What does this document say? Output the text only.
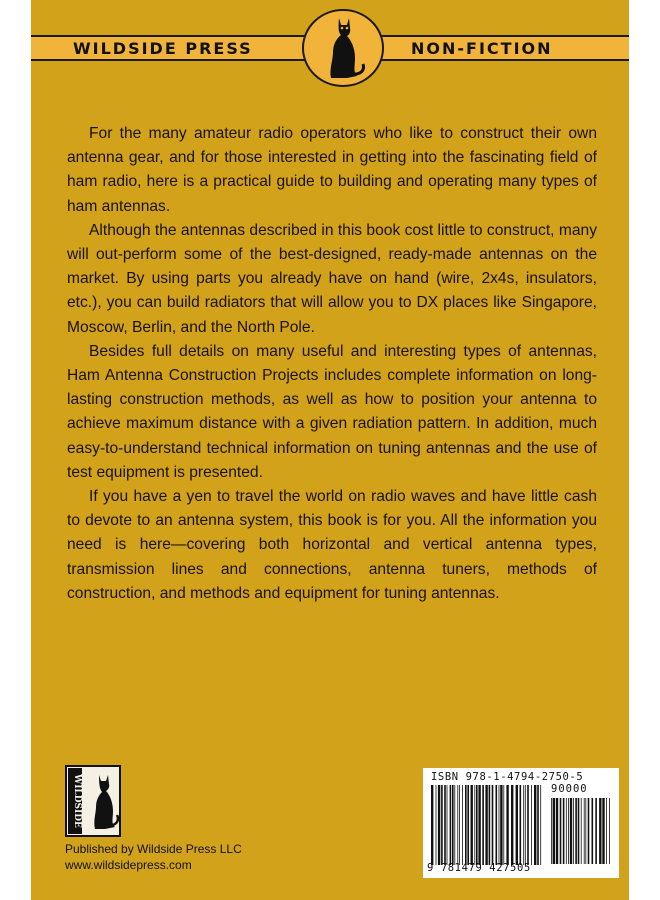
WILDSIDE PRESS	NON-FICTION

For the many amateur radio operators who like to construct their own antenna gear, and for those interested in getting into the fascinating field of ham radio, here is a practical guide to building and operating many types of ham antennas.

Although the antennas described in this book cost little to construct, many will out-perform some of the best-designed, ready-made antennas on the market. By using parts you already have on hand (wire, 2x4s, insulators, etc.), you can build radiators that will allow you to DX places like Singapore, Moscow, Berlin, and the North Pole.

Besides full details on many useful and interesting types of antennas, Ham Antenna Construction Projects includes complete information on long-lasting construction methods, as well as how to position your antenna to achieve maximum distance with a given radiation pattern. In addition, much easy-to-understand technical information on tuning antennas and the use of test equipment is presented.

If you have a yen to travel the world on radio waves and have little cash to devote to an antenna system, this book is for you. All the information you need is here—covering both horizontal and vertical antenna types, transmission lines and connections, antenna tuners, methods of construction, and methods and equipment for tuning antennas.

WILDSIDE
Published by Wildside Press LLC
www.wildsidepress.com
ISBN 978-1-4794-2750-5
90000
9 781479 427505
